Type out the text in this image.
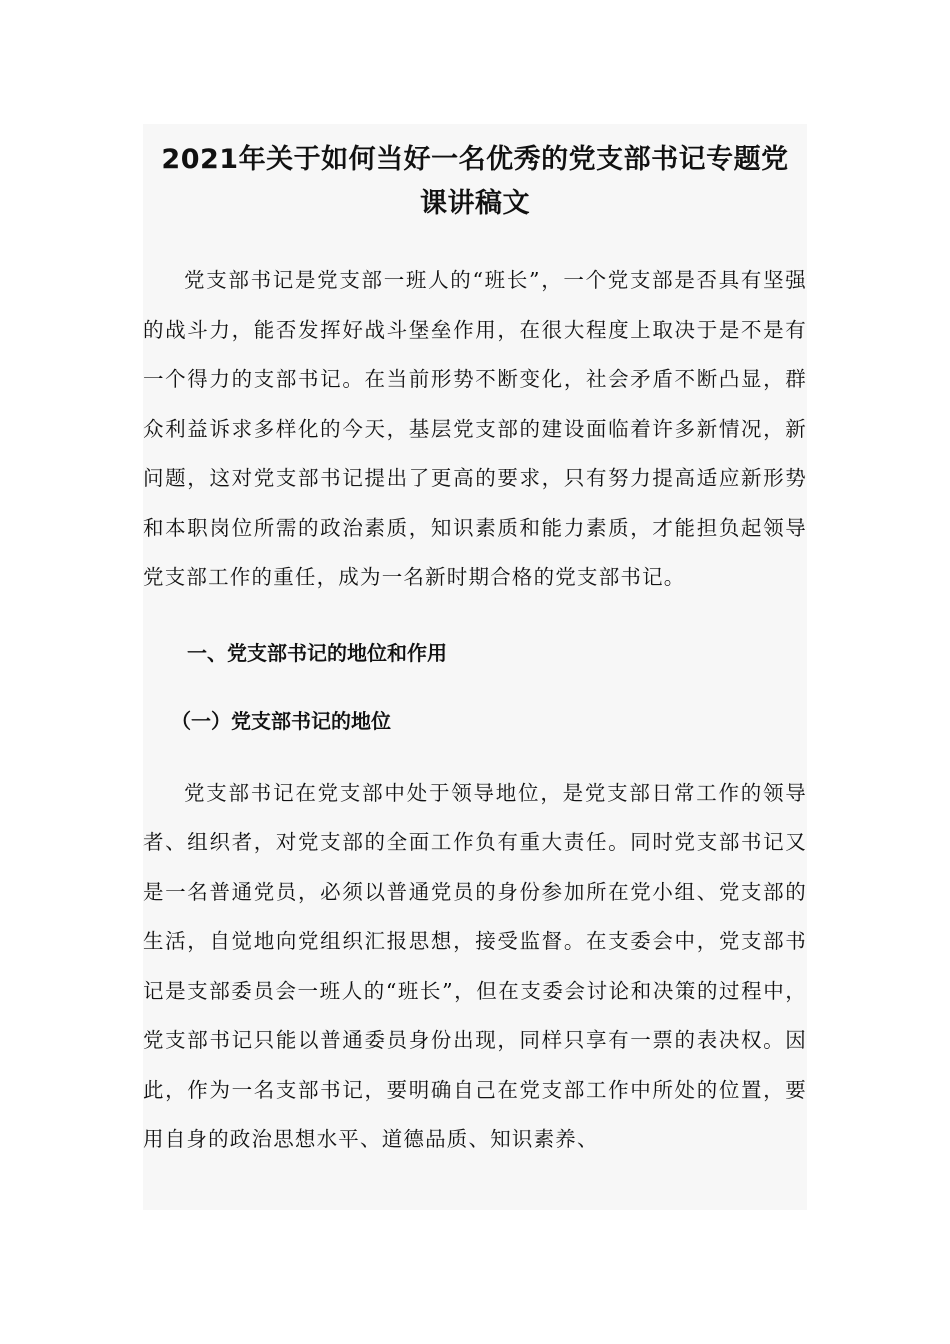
2021年关于如何当好一名优秀的党支部书记专题党
课讲稿文

党支部书记是党支部一班人的“班长”，一个党支部是否具有坚强的战斗力，能否发挥好战斗堡垒作用，在很大程度上取决于是不是有一个得力的支部书记。在当前形势不断变化，社会矛盾不断凸显，群众利益诉求多样化的今天，基层党支部的建设面临着许多新情况，新问题，这对党支部书记提出了更高的要求，只有努力提高适应新形势和本职岗位所需的政治素质，知识素质和能力素质，才能担负起领导党支部工作的重任，成为一名新时期合格的党支部书记。

一、党支部书记的地位和作用
（一）党支部书记的地位

党支部书记在党支部中处于领导地位，是党支部日常工作的领导者、组织者，对党支部的全面工作负有重大责任。同时党支部书记又是一名普通党员，必须以普通党员的身份参加所在党小组、党支部的生活，自觉地向党组织汇报思想，接受监督。在支委会中，党支部书记是支部委员会一班人的“班长”，但在支委会讨论和决策的过程中，党支部书记只能以普通委员身份出现，同样只享有一票的表决权。因此，作为一名支部书记，要明确自己在党支部工作中所处的位置，要用自身的政治思想水平、道德品质、知识素养、
